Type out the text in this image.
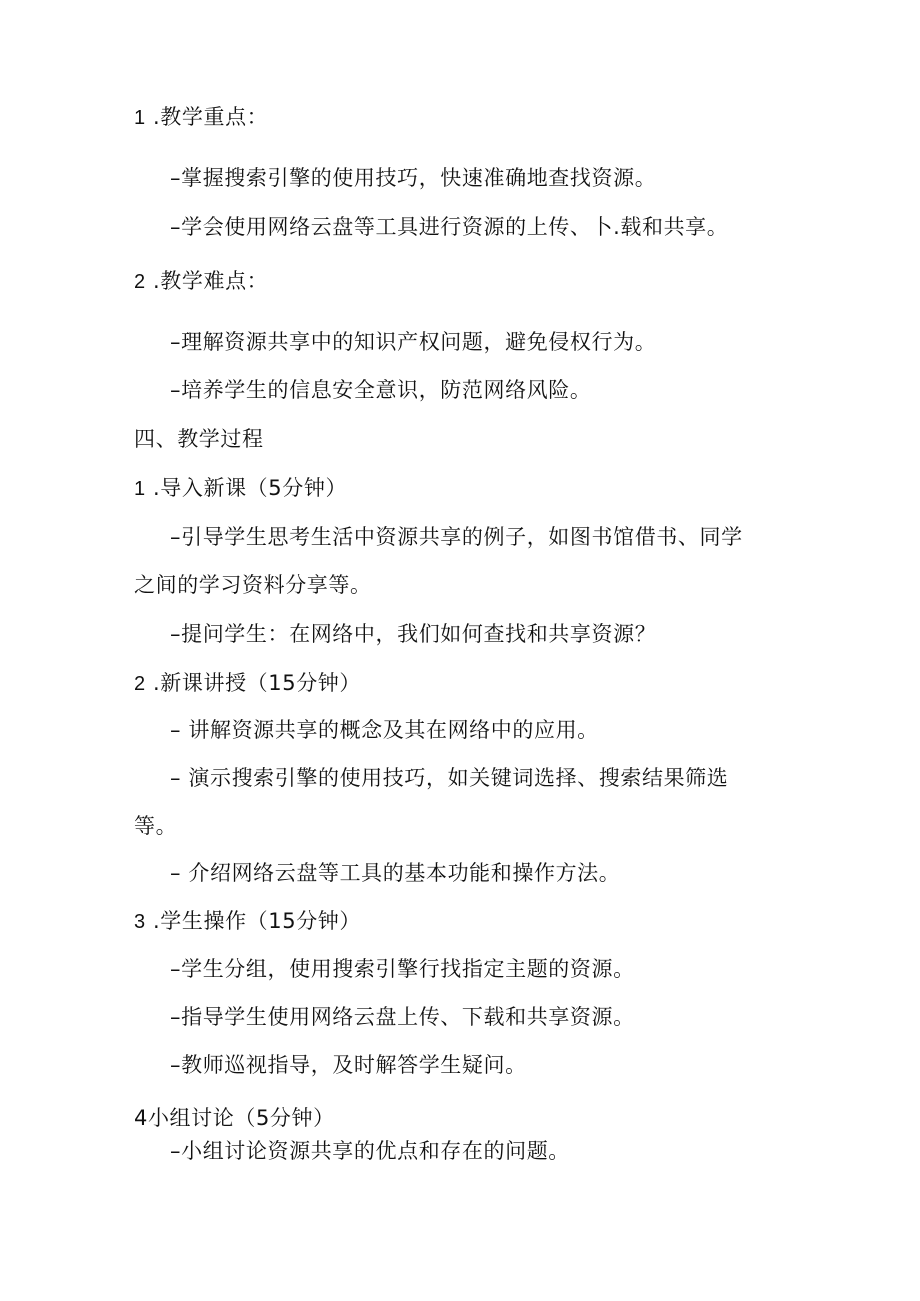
1 .教学重点：
–掌握搜索引擎的使用技巧，快速准确地查找资源。
–学会使用网络云盘等工具进行资源的上传、卜.载和共享。
2 .教学难点：
–理解资源共享中的知识产权问题，避免侵权行为。
–培养学生的信息安全意识，防范网络风险。
四、教学过程
1 .导入新课（5分钟）
–引导学生思考生活中资源共享的例子，如图书馆借书、同学
之间的学习资料分享等。
–提问学生：在网络中，我们如何查找和共享资源？
2 .新课讲授（15分钟）
– 讲解资源共享的概念及其在网络中的应用。
– 演示搜索引擎的使用技巧，如关键词选择、搜索结果筛选
等。
– 介绍网络云盘等工具的基本功能和操作方法。
3 .学生操作（15分钟）
–学生分组，使用搜索引擎行找指定主题的资源。
–指导学生使用网络云盘上传、下载和共享资源。
–教师巡视指导，及时解答学生疑问。
4小组讨论（5分钟）
–小组讨论资源共享的优点和存在的问题。
